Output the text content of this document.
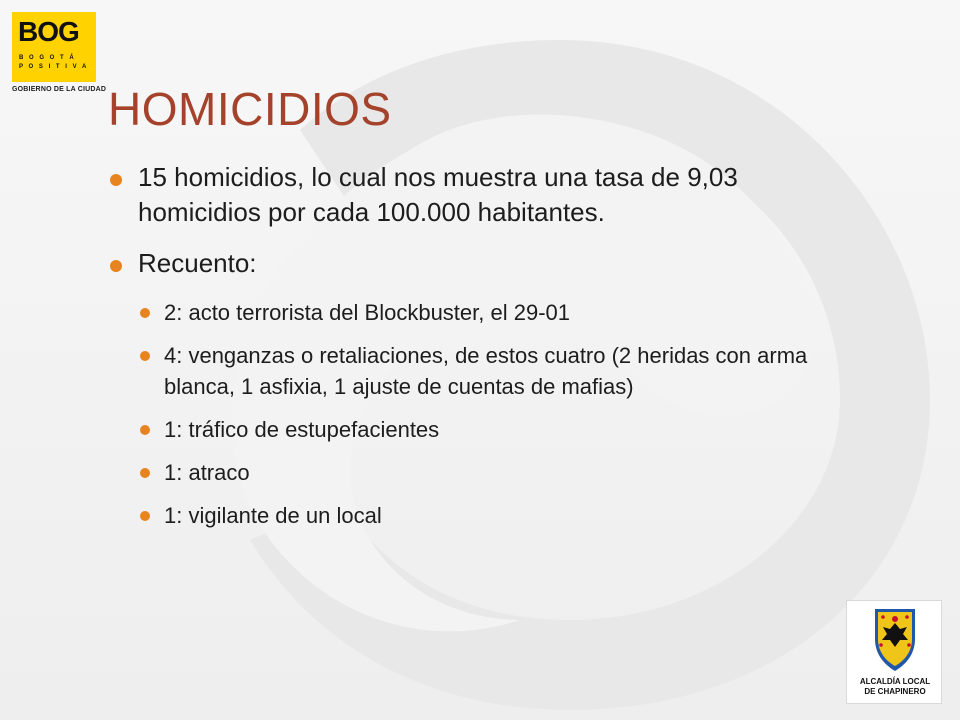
BOG
B O G O T Á
P O S I T I V A
GOBIERNO DE LA CIUDAD HOMICIDIOS
15 homicidios, lo cual nos muestra una tasa de 9,03 homicidios por cada 100.000 habitantes.
Recuento:
2: acto terrorista del Blockbuster, el 29-01
4: venganzas o retaliaciones, de estos cuatro (2 heridas con arma blanca, 1 asfixia, 1 ajuste de cuentas de mafias)
1: tráfico de estupefacientes
1: atraco
1: vigilante de un local
ALCALDÍA LOCAL
DE CHAPINERO
